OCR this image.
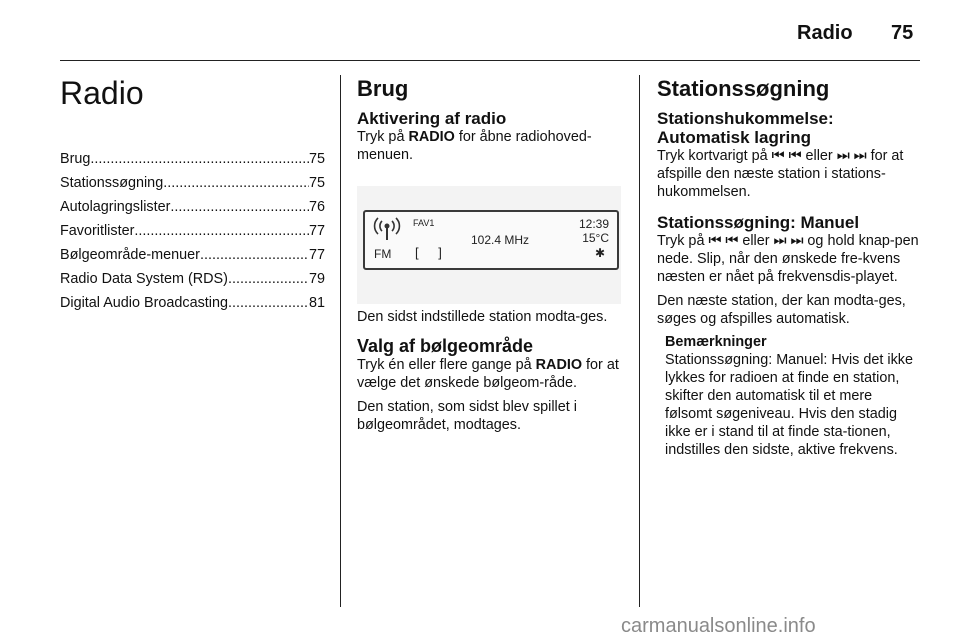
Radio 75
Radio
Brug .....	75
Stationssøgning .....	75
Autolagringslister .....	76
Favoritlister .....	77
Bølgeområde-menuer .....	77
Radio Data System (RDS) .....	79
Digital Audio Broadcasting .....	81
Brug
Aktivering af radio

Tryk på RADIO for åbne radiohoved-menuen.

FM
FAV1
[ ]
102.4 MHz
12:39
15°C
✱

Den sidst indstillede station modta-ges.

Valg af bølgeområde

Tryk én eller flere gange på RADIO for at vælge det ønskede bølgeom-råde.

Den station, som sidst blev spillet i bølgeområdet, modtages.

Stationssøgning
Stationshukommelse: Automatisk lagring

Tryk kortvarigt på ⏮ ⏮ eller ⏭ ⏭ for at afspille den næste station i stations-hukommelsen.

Stationssøgning: Manuel

Tryk på ⏮ ⏮ eller ⏭ ⏭ og hold knap-pen nede. Slip, når den ønskede fre-kvens næsten er nået på frekvensdis-playet.

Den næste station, der kan modta-ges, søges og afspilles automatisk.

Bemærkninger

Stationssøgning: Manuel: Hvis det ikke lykkes for radioen at finde en station, skifter den automatisk til et mere følsomt søgeniveau. Hvis den stadig ikke er i stand til at finde sta-tionen, indstilles den sidste, aktive frekvens.

carmanualsonline.info
